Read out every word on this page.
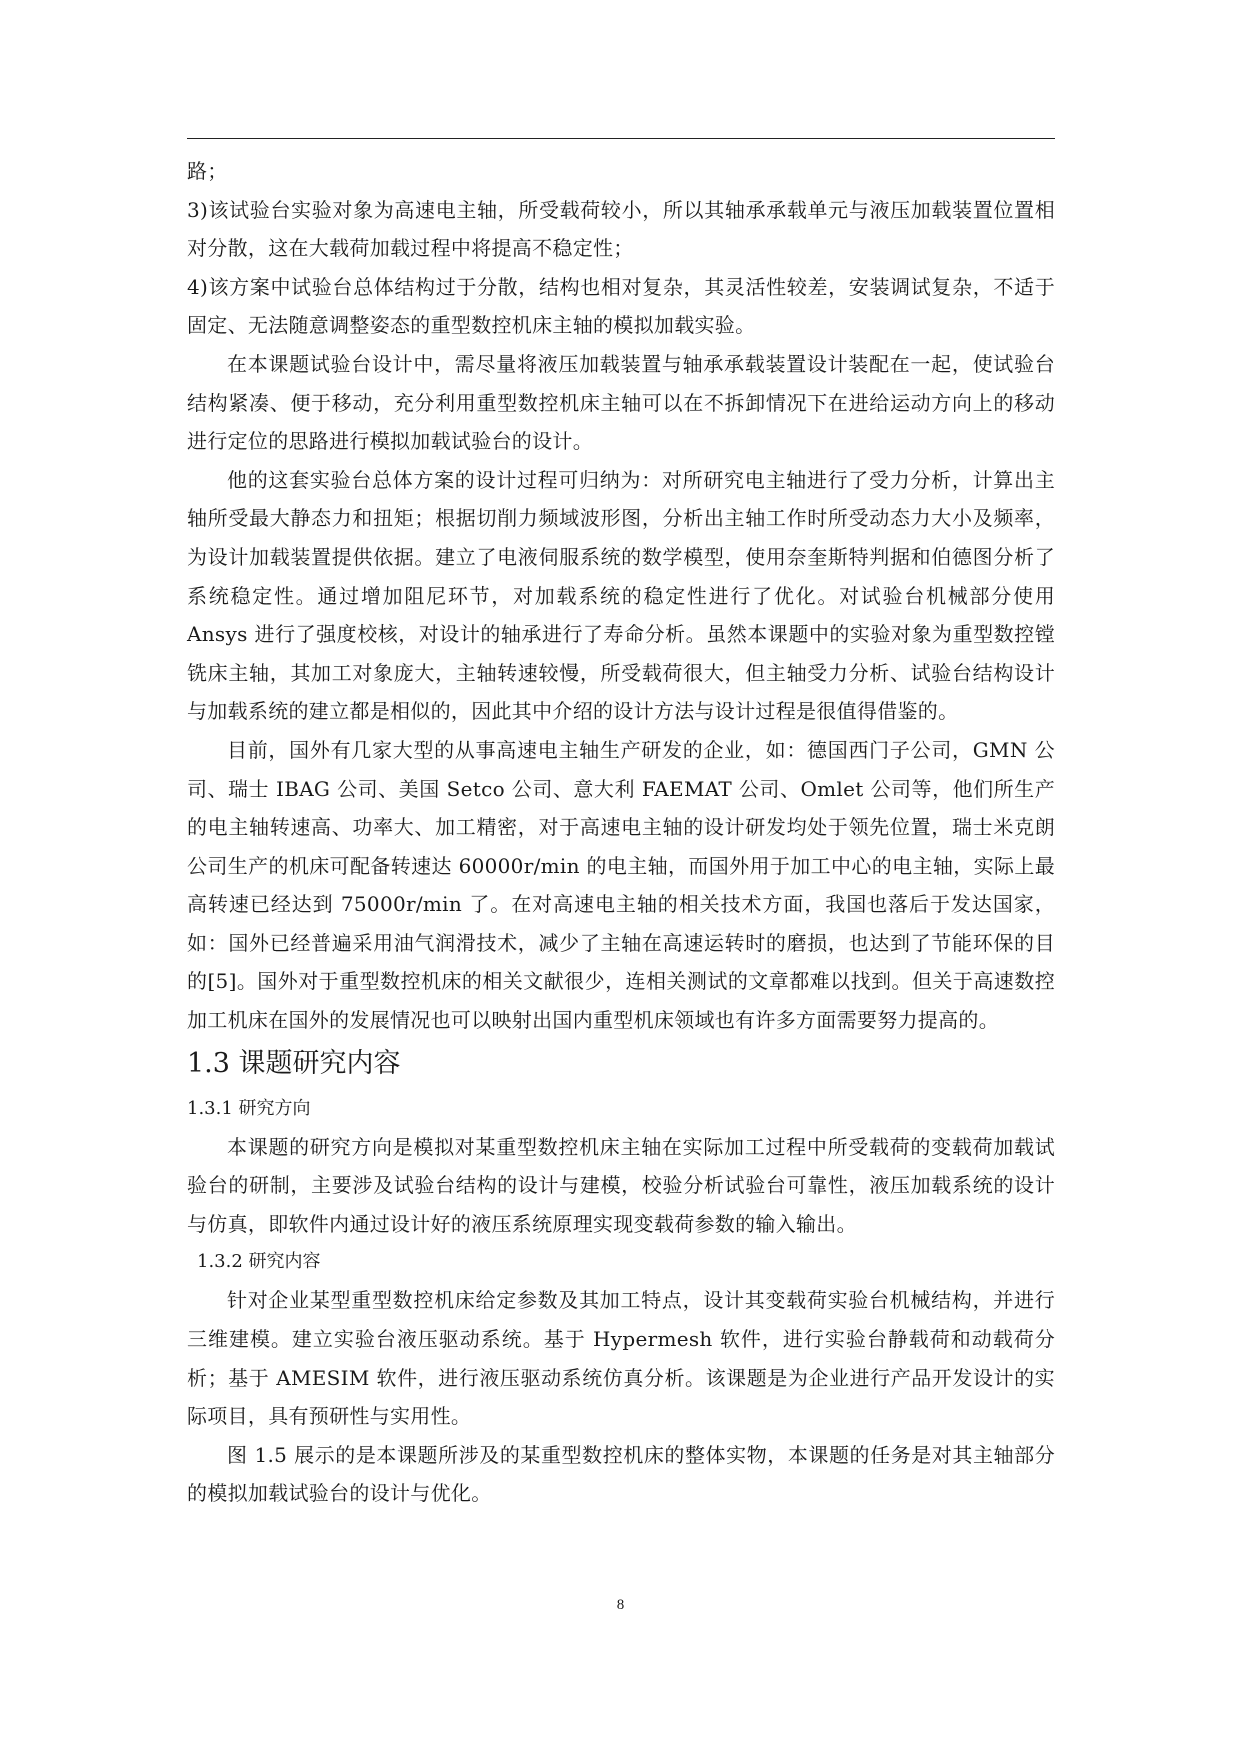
路；

3)该试验台实验对象为高速电主轴，所受载荷较小，所以其轴承承载单元与液压加载装置位置相对分散，这在大载荷加载过程中将提高不稳定性；

4)该方案中试验台总体结构过于分散，结构也相对复杂，其灵活性较差，安装调试复杂，不适于固定、无法随意调整姿态的重型数控机床主轴的模拟加载实验。

在本课题试验台设计中，需尽量将液压加载装置与轴承承载装置设计装配在一起，使试验台结构紧凑、便于移动，充分利用重型数控机床主轴可以在不拆卸情况下在进给运动方向上的移动进行定位的思路进行模拟加载试验台的设计。

他的这套实验台总体方案的设计过程可归纳为：对所研究电主轴进行了受力分析，计算出主轴所受最大静态力和扭矩；根据切削力频域波形图，分析出主轴工作时所受动态力大小及频率，为设计加载装置提供依据。建立了电液伺服系统的数学模型，使用奈奎斯特判据和伯德图分析了系统稳定性。通过增加阻尼环节，对加载系统的稳定性进行了优化。对试验台机械部分使用 Ansys 进行了强度校核，对设计的轴承进行了寿命分析。虽然本课题中的实验对象为重型数控镗铣床主轴，其加工对象庞大，主轴转速较慢，所受载荷很大，但主轴受力分析、试验台结构设计与加载系统的建立都是相似的，因此其中介绍的设计方法与设计过程是很值得借鉴的。

目前，国外有几家大型的从事高速电主轴生产研发的企业，如：德国西门子公司，GMN 公司、瑞士 IBAG 公司、美国 Setco 公司、意大利 FAEMAT 公司、Omlet 公司等，他们所生产的电主轴转速高、功率大、加工精密，对于高速电主轴的设计研发均处于领先位置，瑞士米克朗公司生产的机床可配备转速达 60000r/min 的电主轴，而国外用于加工中心的电主轴，实际上最高转速已经达到 75000r/min 了。在对高速电主轴的相关技术方面，我国也落后于发达国家，如：国外已经普遍采用油气润滑技术，减少了主轴在高速运转时的磨损，也达到了节能环保的目的[5]。国外对于重型数控机床的相关文献很少，连相关测试的文章都难以找到。但关于高速数控加工机床在国外的发展情况也可以映射出国内重型机床领域也有许多方面需要努力提高的。

1.3 课题研究内容

1.3.1 研究方向

本课题的研究方向是模拟对某重型数控机床主轴在实际加工过程中所受载荷的变载荷加载试验台的研制，主要涉及试验台结构的设计与建模，校验分析试验台可靠性，液压加载系统的设计与仿真，即软件内通过设计好的液压系统原理实现变载荷参数的输入输出。

1.3.2 研究内容

针对企业某型重型数控机床给定参数及其加工特点，设计其变载荷实验台机械结构，并进行三维建模。建立实验台液压驱动系统。基于 Hypermesh 软件，进行实验台静载荷和动载荷分析；基于 AMESIM 软件，进行液压驱动系统仿真分析。该课题是为企业进行产品开发设计的实际项目，具有预研性与实用性。

图 1.5 展示的是本课题所涉及的某重型数控机床的整体实物，本课题的任务是对其主轴部分的模拟加载试验台的设计与优化。

8
